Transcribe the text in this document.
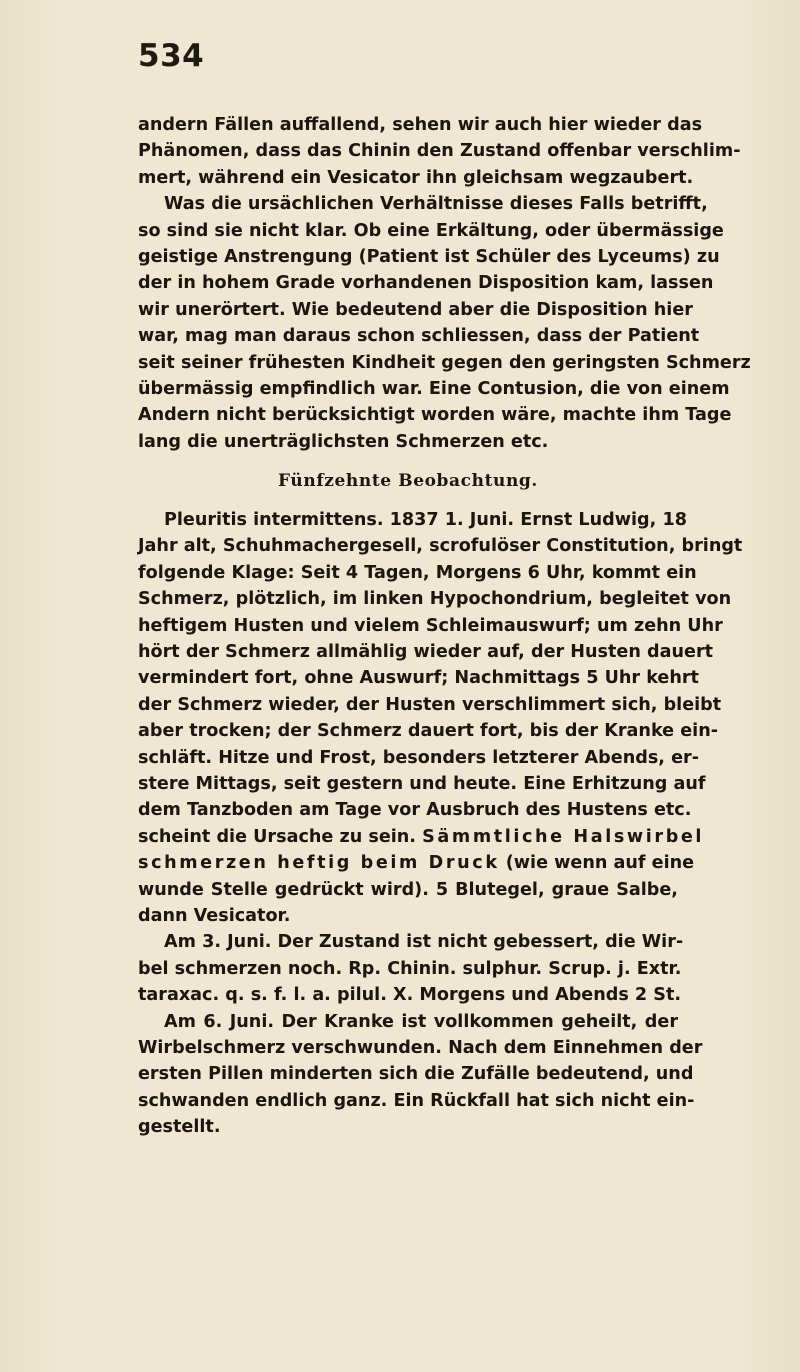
534
andern Fällen auffallend, sehen wir auch hier wieder das
Phänomen, dass das Chinin den Zustand offenbar verschlim-
mert, während ein Vesicator ihn gleichsam wegzaubert.
Was die ursächlichen Verhältnisse dieses Falls betrifft,
so sind sie nicht klar. Ob eine Erkältung, oder übermässige
geistige Anstrengung (Patient ist Schüler des Lyceums) zu
der in hohem Grade vorhandenen Disposition kam, lassen
wir unerörtert. Wie bedeutend aber die Disposition hier
war, mag man daraus schon schliessen, dass der Patient
seit seiner frühesten Kindheit gegen den geringsten Schmerz
übermässig empfindlich war. Eine Contusion, die von einem
Andern nicht berücksichtigt worden wäre, machte ihm Tage
lang die unerträglichsten Schmerzen etc.
Fünfzehnte Beobachtung.
Pleuritis intermittens. 1837 1. Juni. Ernst Ludwig, 18
Jahr alt, Schuhmachergesell, scrofulöser Constitution, bringt
folgende Klage: Seit 4 Tagen, Morgens 6 Uhr, kommt ein
Schmerz, plötzlich, im linken Hypochondrium, begleitet von
heftigem Husten und vielem Schleimauswurf; um zehn Uhr
hört der Schmerz allmählig wieder auf, der Husten dauert
vermindert fort, ohne Auswurf; Nachmittags 5 Uhr kehrt
der Schmerz wieder, der Husten verschlimmert sich, bleibt
aber trocken; der Schmerz dauert fort, bis der Kranke ein-
schläft. Hitze und Frost, besonders letzterer Abends, er-
stere Mittags, seit gestern und heute. Eine Erhitzung auf
dem Tanzboden am Tage vor Ausbruch des Hustens etc.
scheint die Ursache zu sein. Sämmtliche Halswirbel
schmerzen heftig beim Druck (wie wenn auf eine
wunde Stelle gedrückt wird). 5 Blutegel, graue Salbe,
dann Vesicator.
Am 3. Juni. Der Zustand ist nicht gebessert, die Wir-
bel schmerzen noch. Rp. Chinin. sulphur. Scrup. j. Extr.
taraxac. q. s. f. l. a. pilul. X. Morgens und Abends 2 St.
Am 6. Juni. Der Kranke ist vollkommen geheilt, der
Wirbelschmerz verschwunden. Nach dem Einnehmen der
ersten Pillen minderten sich die Zufälle bedeutend, und
schwanden endlich ganz. Ein Rückfall hat sich nicht ein-
gestellt.
